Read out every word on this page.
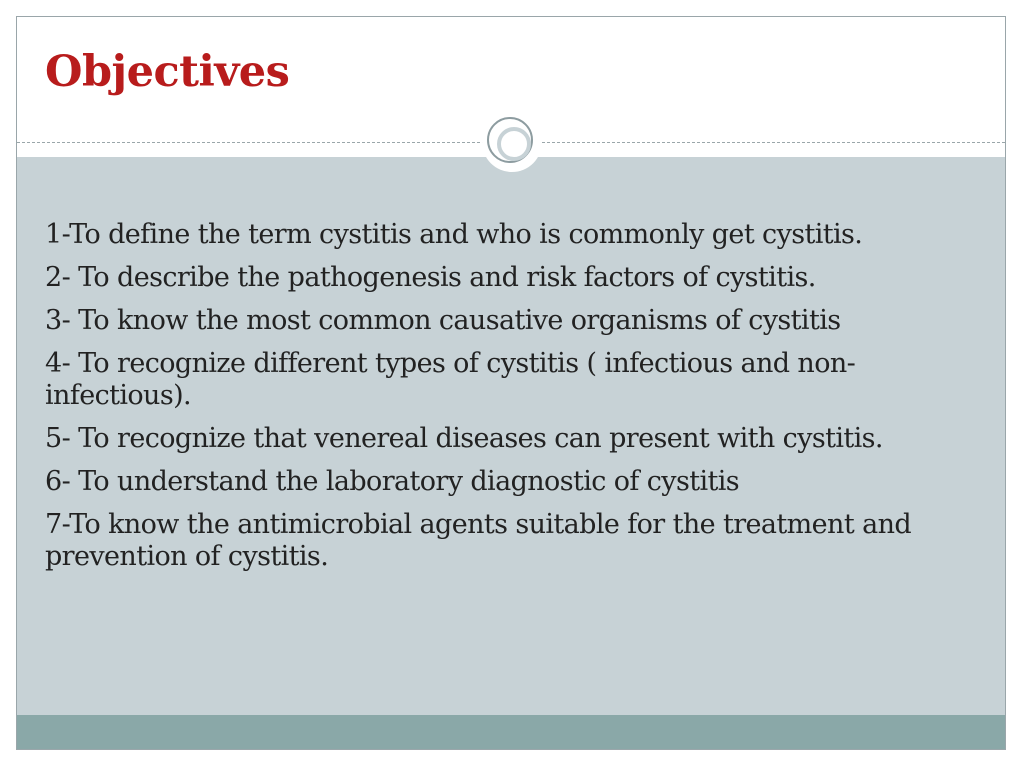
Objectives
1-To define the term cystitis and who is commonly get cystitis.
2- To describe the pathogenesis and risk factors of cystitis.
3- To know the most common causative organisms of cystitis
4- To recognize different types of cystitis ( infectious and non-infectious).
5- To recognize that venereal diseases can present with cystitis.
6- To understand the laboratory diagnostic of cystitis
7-To know the antimicrobial agents suitable for the treatment and prevention of cystitis.
